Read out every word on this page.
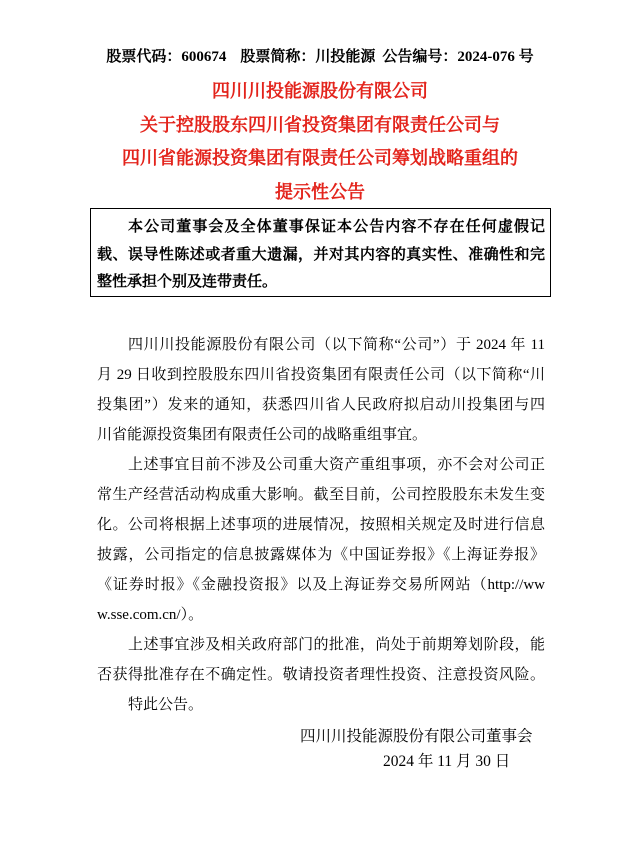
股票代码：600674 股票简称：川投能源 公告编号：2024-076 号
四川川投能源股份有限公司
关于控股股东四川省投资集团有限责任公司与
四川省能源投资集团有限责任公司筹划战略重组的
提示性公告
本公司董事会及全体董事保证本公告内容不存在任何虚假记
载、误导性陈述或者重大遗漏，并对其内容的真实性、准确性和完
整性承担个别及连带责任。
四川川投能源股份有限公司（以下简称“公司”）于 2024 年 11
月 29 日收到控股股东四川省投资集团有限责任公司（以下简称“川
投集团”）发来的通知，获悉四川省人民政府拟启动川投集团与四
川省能源投资集团有限责任公司的战略重组事宜。
上述事宜目前不涉及公司重大资产重组事项，亦不会对公司正
常生产经营活动构成重大影响。截至目前，公司控股股东未发生变
化。公司将根据上述事项的进展情况，按照相关规定及时进行信息
披露，公司指定的信息披露媒体为《中国证券报》《上海证券报》
《证券时报》《金融投资报》以及上海证券交易所网站（http://ww
w.sse.com.cn/）。
上述事宜涉及相关政府部门的批准，尚处于前期筹划阶段，能
否获得批准存在不确定性。敬请投资者理性投资、注意投资风险。
特此公告。
四川川投能源股份有限公司董事会
2024 年 11 月 30 日
